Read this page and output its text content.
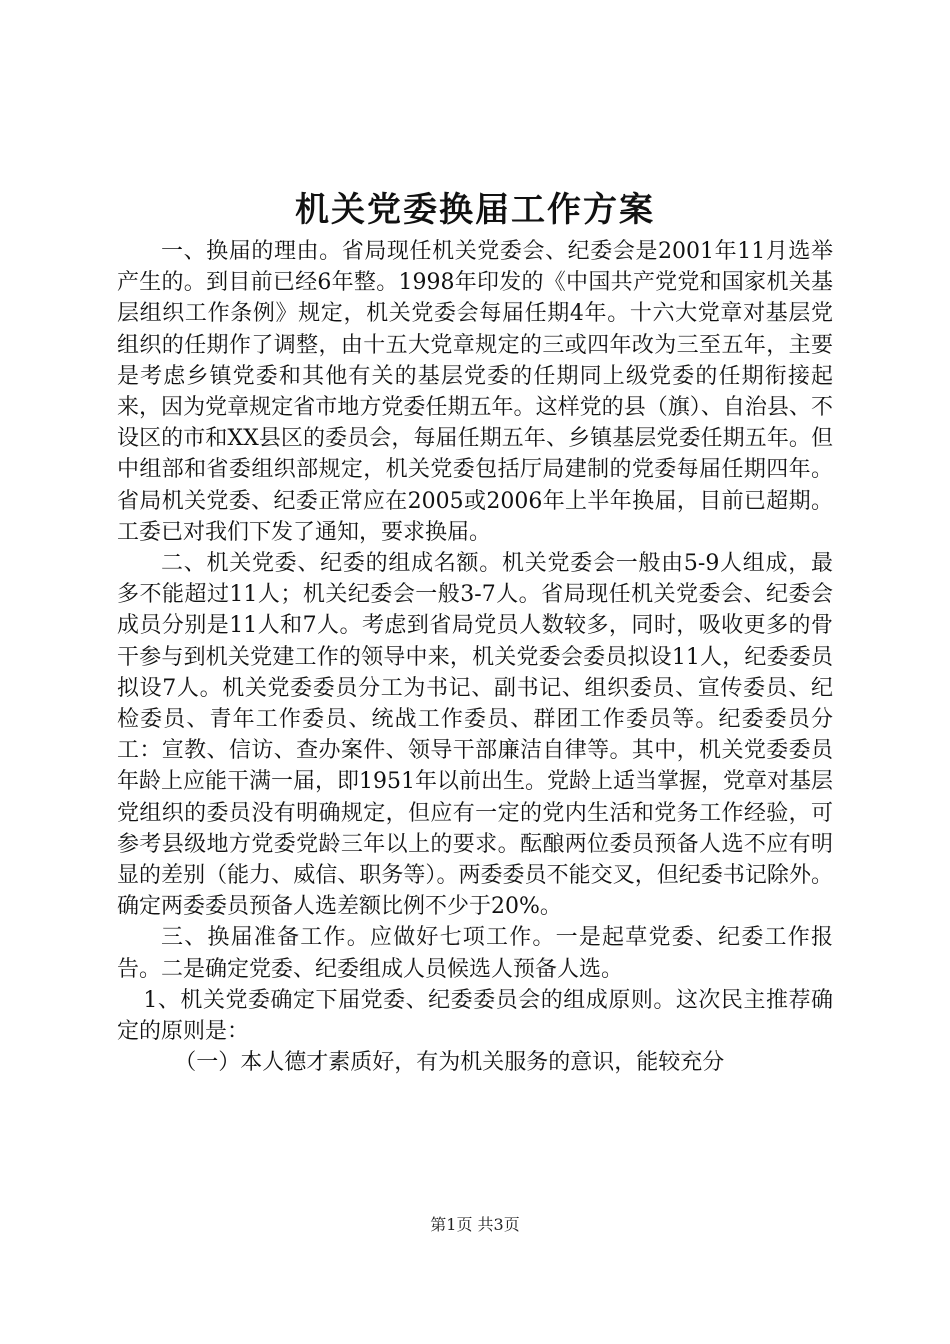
机关党委换届工作方案

一、换届的理由。省局现任机关党委会、纪委会是2001年11月选举产生的。到目前已经6年整。1998年印发的《中国共产党党和国家机关基层组织工作条例》规定，机关党委会每届任期4年。十六大党章对基层党组织的任期作了调整，由十五大党章规定的三或四年改为三至五年，主要是考虑乡镇党委和其他有关的基层党委的任期同上级党委的任期衔接起来，因为党章规定省市地方党委任期五年。这样党的县（旗）、自治县、不设区的市和XX县区的委员会，每届任期五年、乡镇基层党委任期五年。但中组部和省委组织部规定，机关党委包括厅局建制的党委每届任期四年。省局机关党委、纪委正常应在2005或2006年上半年换届，目前已超期。工委已对我们下发了通知，要求换届。

二、机关党委、纪委的组成名额。机关党委会一般由5-9人组成，最多不能超过11人；机关纪委会一般3-7人。省局现任机关党委会、纪委会成员分别是11人和7人。考虑到省局党员人数较多，同时，吸收更多的骨干参与到机关党建工作的领导中来，机关党委会委员拟设11人，纪委委员拟设7人。机关党委委员分工为书记、副书记、组织委员、宣传委员、纪检委员、青年工作委员、统战工作委员、群团工作委员等。纪委委员分工：宣教、信访、查办案件、领导干部廉洁自律等。其中，机关党委委员年龄上应能干满一届，即1951年以前出生。党龄上适当掌握，党章对基层党组织的委员没有明确规定，但应有一定的党内生活和党务工作经验，可参考县级地方党委党龄三年以上的要求。酝酿两位委员预备人选不应有明显的差别（能力、威信、职务等）。两委委员不能交叉，但纪委书记除外。确定两委委员预备人选差额比例不少于20%。

三、换届准备工作。应做好七项工作。一是起草党委、纪委工作报告。二是确定党委、纪委组成人员候选人预备人选。

1、机关党委确定下届党委、纪委委员会的组成原则。这次民主推荐确定的原则是：

（一）本人德才素质好，有为机关服务的意识，能较充分

第1页 共3页
